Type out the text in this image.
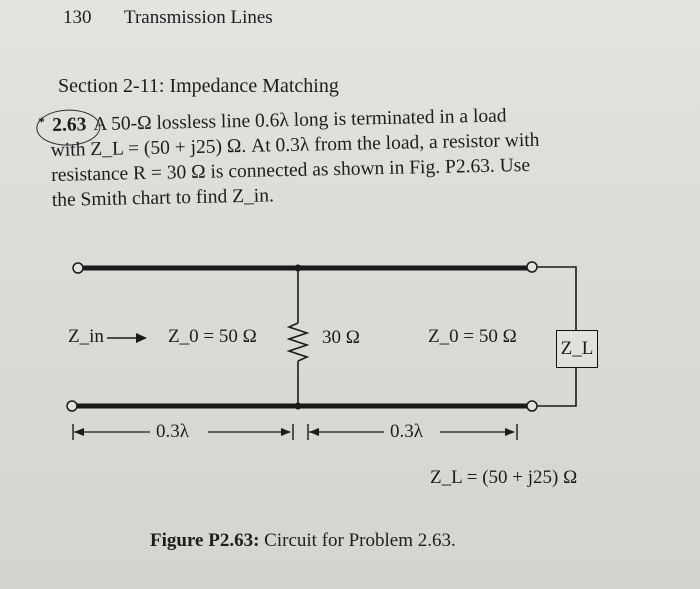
130 Transmission Lines
Section 2-11: Impedance Matching

* 2.63 A 50-Ω lossless line 0.6λ long is terminated in a load

with Z_L = (50 + j25) Ω. At 0.3λ from the load, a resistor with

resistance R = 30 Ω is connected as shown in Fig. P2.63. Use

the Smith chart to find Z_in.

Z_in	Z_0 = 50 Ω	30 Ω	Z_0 = 50 Ω
Z_L
0.3λ	0.3λ
Z_L = (50 + j25) Ω
Figure P2.63: Circuit for Problem 2.63.
